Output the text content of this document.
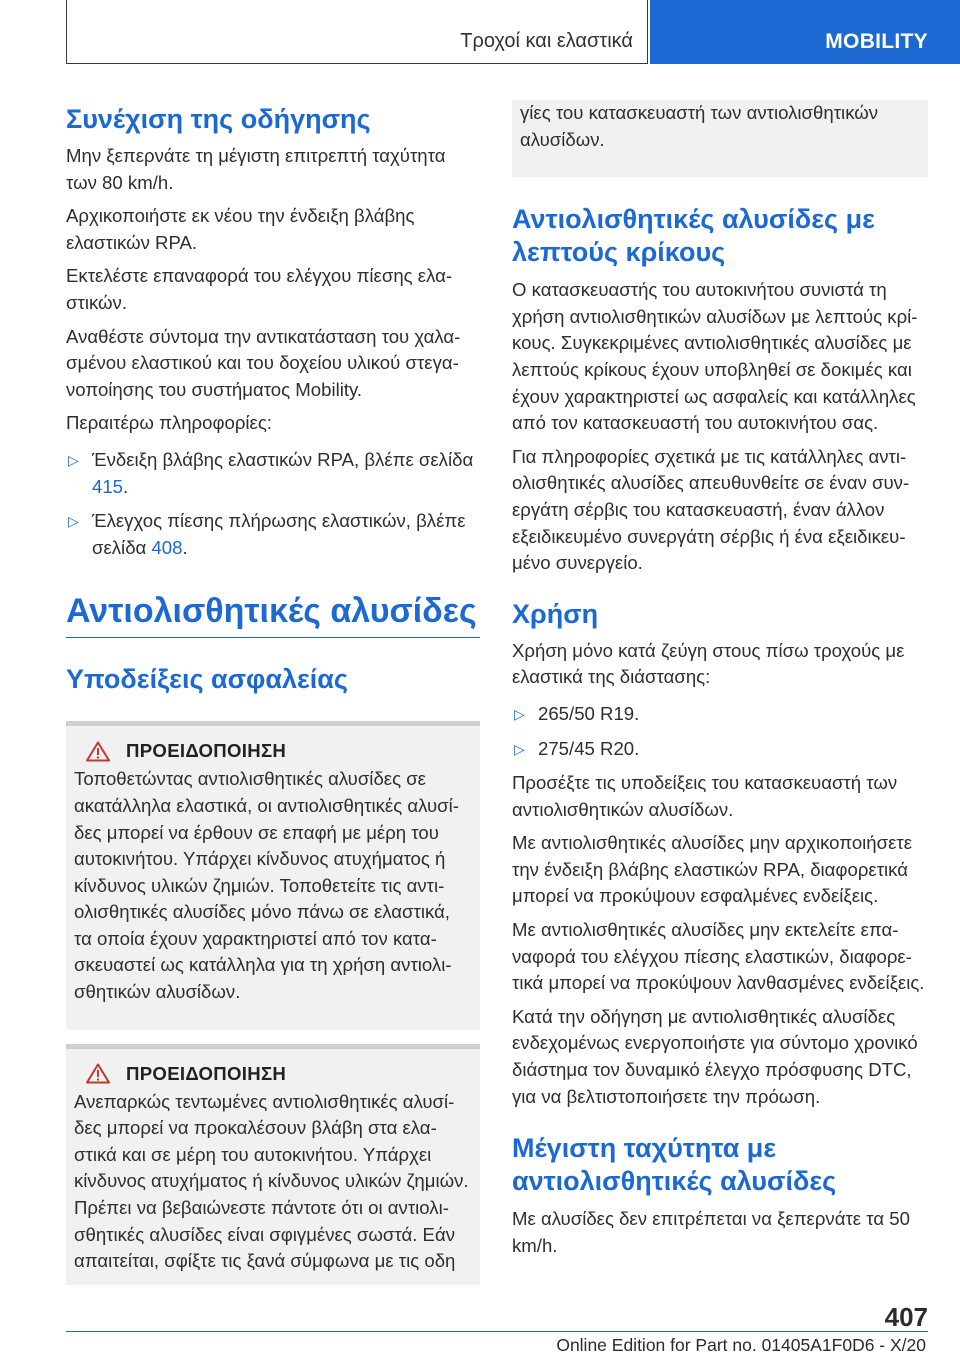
Τροχοί και ελαστικά	MOBILITY
Συνέχιση της οδήγησης

Μην ξεπερνάτε τη μέγιστη επιτρεπτή ταχύτητα των 80 km/h.

Αρχικοποιήστε εκ νέου την ένδειξη βλάβης ελαστικών RPA.

Εκτελέστε επαναφορά του ελέγχου πίεσης ελαστικών.

Αναθέστε σύντομα την αντικατάσταση του χαλασμένου ελαστικού και του δοχείου υλικού στεγανοποίησης του συστήματος Mobility.

Περαιτέρω πληροφορίες:

▷ Ένδειξη βλάβης ελαστικών RPA, βλέπε σελίδα 415.
▷ Έλεγχος πίεσης πλήρωσης ελαστικών, βλέπε σελίδα 408.
Αντιολισθητικές αλυσίδες
Υποδείξεις ασφαλείας
ΠΡΟΕΙΔΟΠΟΙΗΣΗ

Τοποθετώντας αντιολισθητικές αλυσίδες σε ακατάλληλα ελαστικά, οι αντιολισθητικές αλυσίδες μπορεί να έρθουν σε επαφή με μέρη του αυτοκινήτου. Υπάρχει κίνδυνος ατυχήματος ή κίνδυνος υλικών ζημιών. Τοποθετείτε τις αντιολισθητικές αλυσίδες μόνο πάνω σε ελαστικά, τα οποία έχουν χαρακτηριστεί από τον κατασκευαστεί ως κατάλληλα για τη χρήση αντιολισθητικών αλυσίδων.

ΠΡΟΕΙΔΟΠΟΙΗΣΗ

Ανεπαρκώς τεντωμένες αντιολισθητικές αλυσίδες μπορεί να προκαλέσουν βλάβη στα ελαστικά και σε μέρη του αυτοκινήτου. Υπάρχει κίνδυνος ατυχήματος ή κίνδυνος υλικών ζημιών. Πρέπει να βεβαιώνεστε πάντοτε ότι οι αντιολισθητικές αλυσίδες είναι σφιγμένες σωστά. Εάν απαιτείται, σφίξτε τις ξανά σύμφωνα με τις οδη

γίες του κατασκευαστή των αντιολισθητικών αλυσίδων.

Αντιολισθητικές αλυσίδες με λεπτούς κρίκους

Ο κατασκευαστής του αυτοκινήτου συνιστά τη χρήση αντιολισθητικών αλυσίδων με λεπτούς κρίκους. Συγκεκριμένες αντιολισθητικές αλυσίδες με λεπτούς κρίκους έχουν υποβληθεί σε δοκιμές και έχουν χαρακτηριστεί ως ασφαλείς και κατάλληλες από τον κατασκευαστή του αυτοκινήτου σας.

Για πληροφορίες σχετικά με τις κατάλληλες αντιολισθητικές αλυσίδες απευθυνθείτε σε έναν συνεργάτη σέρβις του κατασκευαστή, έναν άλλον εξειδικευμένο συνεργάτη σέρβις ή ένα εξειδικευμένο συνεργείο.

Χρήση

Χρήση μόνο κατά ζεύγη στους πίσω τροχούς με ελαστικά της διάστασης:

▷ 265/50 R19.
▷ 275/45 R20.

Προσέξτε τις υποδείξεις του κατασκευαστή των αντιολισθητικών αλυσίδων.

Με αντιολισθητικές αλυσίδες μην αρχικοποιήσετε την ένδειξη βλάβης ελαστικών RPA, διαφορετικά μπορεί να προκύψουν εσφαλμένες ενδείξεις.

Με αντιολισθητικές αλυσίδες μην εκτελείτε επαναφορά του ελέγχου πίεσης ελαστικών, διαφορετικά μπορεί να προκύψουν λανθασμένες ενδείξεις.

Κατά την οδήγηση με αντιολισθητικές αλυσίδες ενδεχομένως ενεργοποιήστε για σύντομο χρονικό διάστημα τον δυναμικό έλεγχο πρόσφυσης DTC, για να βελτιστοποιήσετε την πρόωση.

Μέγιστη ταχύτητα με αντιολισθητικές αλυσίδες

Με αλυσίδες δεν επιτρέπεται να ξεπερνάτε τα 50 km/h.

407
Online Edition for Part no. 01405A1F0D6 - X/20
